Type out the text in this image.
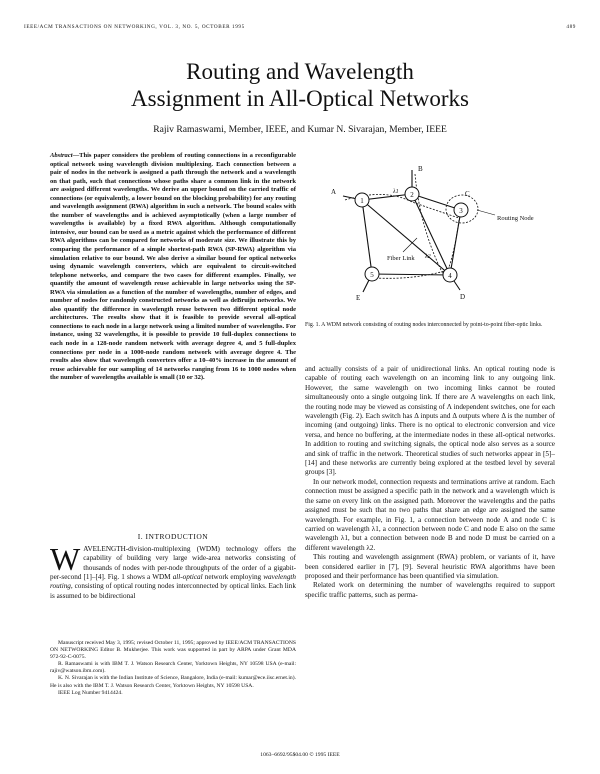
IEEE/ACM TRANSACTIONS ON NETWORKING, VOL. 3, NO. 5, OCTOBER 1995	489
Routing and Wavelength
Assignment in All-Optical Networks
Rajiv Ramaswami, Member, IEEE, and Kumar N. Sivarajan, Member, IEEE
Abstract—This paper considers the problem of routing connections in a reconfigurable optical network using wavelength division multiplexing. Each connection between a pair of nodes in the network is assigned a path through the network and a wavelength on that path, such that connections whose paths share a common link in the network are assigned different wavelengths. We derive an upper bound on the carried traffic of connections (or equivalently, a lower bound on the blocking probability) for any routing and wavelength assignment (RWA) algorithm in such a network. The bound scales with the number of wavelengths and is achieved asymptotically (when a large number of wavelengths is available) by a fixed RWA algorithm. Although computationally intensive, our bound can be used as a metric against which the performance of different RWA algorithms can be compared for networks of moderate size. We illustrate this by comparing the performance of a simple shortest-path RWA (SP-RWA) algorithm via simulation relative to our bound. We also derive a similar bound for optical networks using dynamic wavelength converters, which are equivalent to circuit-switched telephone networks, and compare the two cases for different examples. Finally, we quantify the amount of wavelength reuse achievable in large networks using the SP-RWA via simulation as a function of the number of wavelengths, number of edges, and number of nodes for randomly constructed networks as well as deBruijn networks. We also quantify the difference in wavelength reuse between two different optical node architectures. The results show that it is feasible to provide several all-optical connections to each node in a large network using a limited number of wavelengths. For instance, using 32 wavelengths, it is possible to provide 10 full-duplex connections to each node in a 128-node random network with average degree 4, and 5 full-duplex connections per node in a 1000-node random network with average degree 4. The results also show that wavelength converters offer a 10–40% increase in the amount of reuse achievable for our sampling of 14 networks ranging from 16 to 1000 nodes when the number of wavelengths available is small (10 or 32).
I. INTRODUCTION
WAVELENGTH-division-multiplexing (WDM) technology offers the capability of building very large wide-area networks consisting of thousands of nodes with per-node throughputs of the order of a gigabit-per-second [1]–[4]. Fig. 1 shows a WDM all-optical network employing wavelength routing, consisting of optical routing nodes interconnected by optical links. Each link is assumed to be bidirectional

Manuscript received May 3, 1995; revised October 11, 1995; approved by IEEE/ACM TRANSACTIONS ON NETWORKING Editor B. Mukherjee. This work was supported in part by ARPA under Grant MDA 972-92-C-0075.

R. Ramaswami is with IBM T. J. Watson Research Center, Yorktown Heights, NY 10598 USA (e-mail: rajiv@watson.ibm.com).

K. N. Sivarajan is with the Indian Institute of Science, Bangalore, India (e-mail: kumar@ece.iisc.ernet.in). He is also with the IBM T. J. Watson Research Center, Yorktown Heights, NY 10598 USA.

IEEE Log Number 9414424.

1
2
3
4
5
A
B
C
D
E
λ1
λ2
Routing Node
Fiber Link
Fig. 1. A WDM network consisting of routing nodes interconnected by point-to-point fiber-optic links.

and actually consists of a pair of unidirectional links. An optical routing node is capable of routing each wavelength on an incoming link to any outgoing link. However, the same wavelength on two incoming links cannot be routed simultaneously onto a single outgoing link. If there are Λ wavelengths on each link, the routing node may be viewed as consisting of Λ independent switches, one for each wavelength (Fig. 2). Each switch has Δ inputs and Δ outputs where Δ is the number of incoming (and outgoing) links. There is no optical to electronic conversion and vice versa, and hence no buffering, at the intermediate nodes in these all-optical networks. In addition to routing and switching signals, the optical node also serves as a source and sink of traffic in the network. Theoretical studies of such networks appear in [5]–[14] and these networks are currently being explored at the testbed level by several groups [3].

In our network model, connection requests and terminations arrive at random. Each connection must be assigned a specific path in the network and a wavelength which is the same on every link on the assigned path. Moreover the wavelengths and the paths assigned must be such that no two paths that share an edge are assigned the same wavelength. For example, in Fig. 1, a connection between node A and node C is carried on wavelength λ1, a connection between node C and node E also on the same wavelength λ1, but a connection between node B and node D must be carried on a different wavelength λ2.

This routing and wavelength assignment (RWA) problem, or variants of it, have been considered earlier in [7], [9]. Several heuristic RWA algorithms have been proposed and their performance has been quantified via simulation.

Related work on determining the number of wavelengths required to support specific traffic patterns, such as perma-

1063–6692/95$04.00 © 1995 IEEE
